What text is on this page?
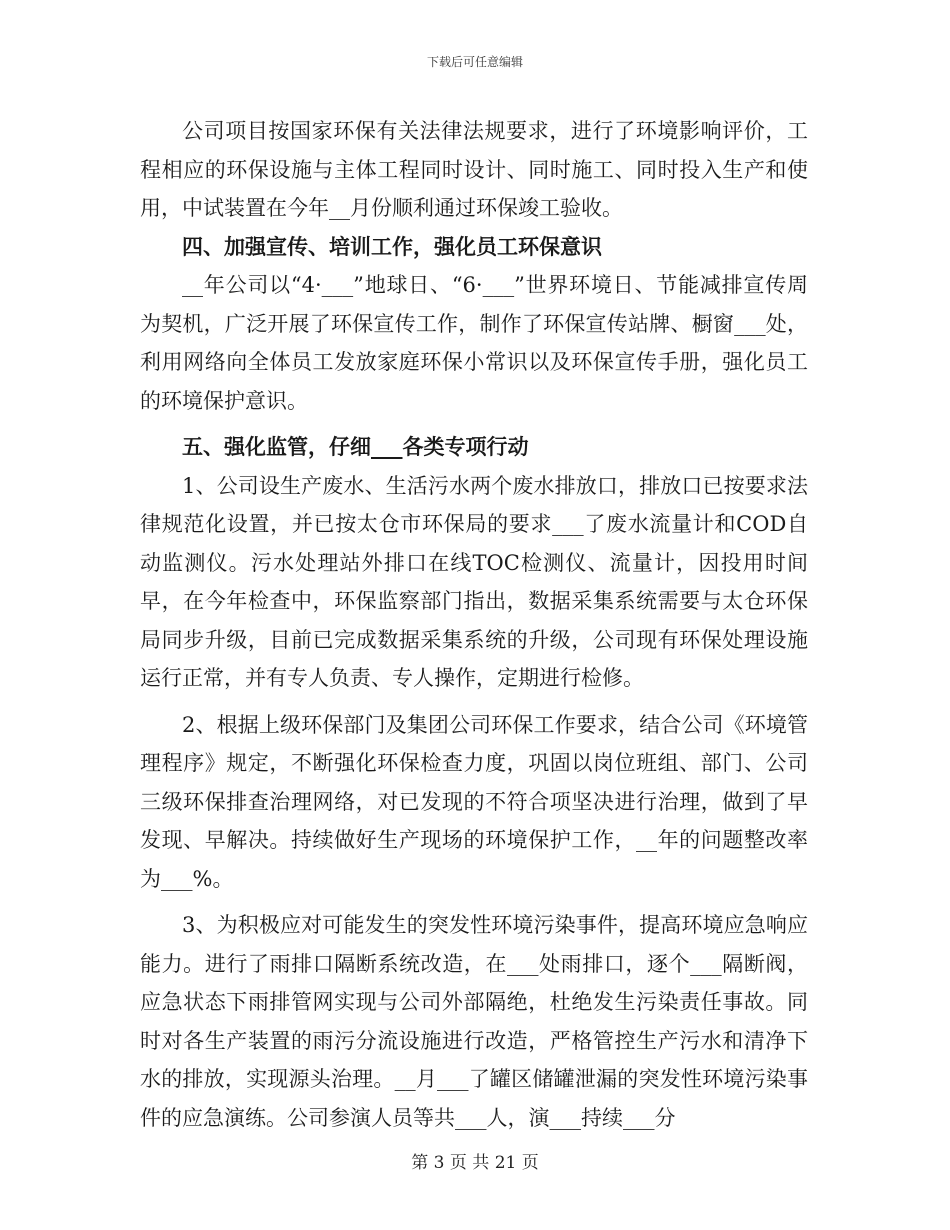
下载后可任意编辑

公司项目按国家环保有关法律法规要求，进行了环境影响评价，工程相应的环保设施与主体工程同时设计、同时施工、同时投入生产和使用，中试装置在今年__月份顺利通过环保竣工验收。

四、加强宣传、培训工作，强化员工环保意识

__年公司以“4·___”地球日、“6·___”世界环境日、节能减排宣传周为契机，广泛开展了环保宣传工作，制作了环保宣传站牌、橱窗___处，利用网络向全体员工发放家庭环保小常识以及环保宣传手册，强化员工的环境保护意识。

五、强化监管，仔细___各类专项行动

1、公司设生产废水、生活污水两个废水排放口，排放口已按要求法律规范化设置，并已按太仓市环保局的要求___了废水流量计和COD自动监测仪。污水处理站外排口在线TOC检测仪、流量计，因投用时间早，在今年检查中，环保监察部门指出，数据采集系统需要与太仓环保局同步升级，目前已完成数据采集系统的升级，公司现有环保处理设施运行正常，并有专人负责、专人操作，定期进行检修。

2、根据上级环保部门及集团公司环保工作要求，结合公司《环境管理程序》规定，不断强化环保检查力度，巩固以岗位班组、部门、公司三级环保排查治理网络，对已发现的不符合项坚决进行治理，做到了早发现、早解决。持续做好生产现场的环境保护工作，__年的问题整改率为___%。

3、为积极应对可能发生的突发性环境污染事件，提高环境应急响应能力。进行了雨排口隔断系统改造，在___处雨排口，逐个___隔断阀，应急状态下雨排管网实现与公司外部隔绝，杜绝发生污染责任事故。同时对各生产装置的雨污分流设施进行改造，严格管控生产污水和清净下水的排放，实现源头治理。__月___了罐区储罐泄漏的突发性环境污染事件的应急演练。公司参演人员等共___人，演___持续___分

第 3 页 共 21 页
